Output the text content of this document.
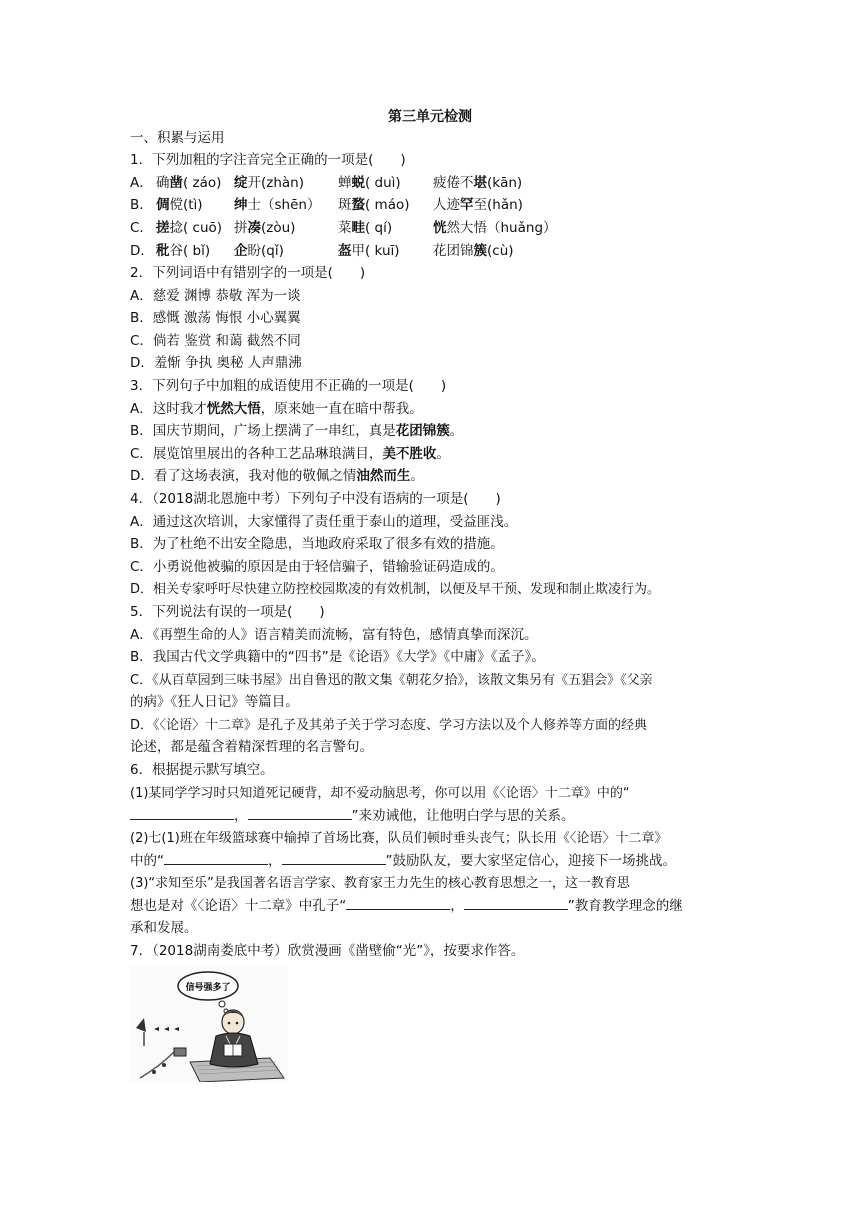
第三单元检测
一、积累与运用
1．下列加粗的字注音完全正确的一项是(　　)
A． 确凿( záo) 绽开(zhàn)	蝉蜕( duì) 疲倦不堪(kān)
B． 倜傥(tì) 绅士（shēn） 斑蝥( máo) 人迹罕至(hǎn)
C． 搓捻( cuō) 拼凑(zòu)	菜畦( qí)	恍然大悟（huǎng）
D． 秕谷( bǐ) 企盼(qǐ)	盔甲( kuī) 花团锦簇(cù)
2．下列词语中有错别字的一项是(　　)
A．慈爱 渊博 恭敬 浑为一谈
B．感慨 激荡 悔恨 小心翼翼
C．倘若 鉴赏 和蔼 截然不同
D．羞惭 争执 奥秘 人声鼎沸
3．下列句子中加粗的成语使用不正确的一项是(　　)
A．这时我才恍然大悟，原来她一直在暗中帮我。
B．国庆节期间，广场上摆满了一串红，真是花团锦簇。
C．展览馆里展出的各种工艺品琳琅满目，美不胜收。
D．看了这场表演，我对他的敬佩之情油然而生。
4．（2018湖北恩施中考）下列句子中没有语病的一项是(　　)
A．通过这次培训，大家懂得了责任重于泰山的道理，受益匪浅。
B．为了杜绝不出安全隐患，当地政府采取了很多有效的措施。
C．小勇说他被骗的原因是由于轻信骗子，错输验证码造成的。
D．相关专家呼吁尽快建立防控校园欺凌的有效机制，以便及早干预、发现和制止欺凌行为。
5．下列说法有误的一项是(　　)
A．《再塑生命的人》语言精美而流畅，富有特色，感情真挚而深沉。
B．我国古代文学典籍中的“四书”是《论语》《大学》《中庸》《孟子》。
C．《从百草园到三味书屋》出自鲁迅的散文集《朝花夕拾》，该散文集另有《五猖会》《父亲
的病》《狂人日记》等篇目。
D．《〈论语〉十二章》是孔子及其弟子关于学习态度、学习方法以及个人修养等方面的经典
论述，都是蕴含着精深哲理的名言警句。
6．根据提示默写填空。
(1)某同学学习时只知道死记硬背，却不爱动脑思考，你可以用《〈论语〉十二章》中的“
，	”来劝诫他，让他明白学与思的关系。
(2)七(1)班在年级篮球赛中输掉了首场比赛，队员们顿时垂头丧气；队长用《〈论语〉十二章》
中的“	，	”鼓励队友，要大家坚定信心，迎接下一场挑战。
(3)“求知至乐”是我国著名语言学家、教育家王力先生的核心教育思想之一，这一教育思
想也是对《〈论语〉十二章》中孔子“	，	”教育教学理念的继
承和发展。
7．（2018湖南娄底中考）欣赏漫画《凿壁偷“光”》，按要求作答。
信号强多了
